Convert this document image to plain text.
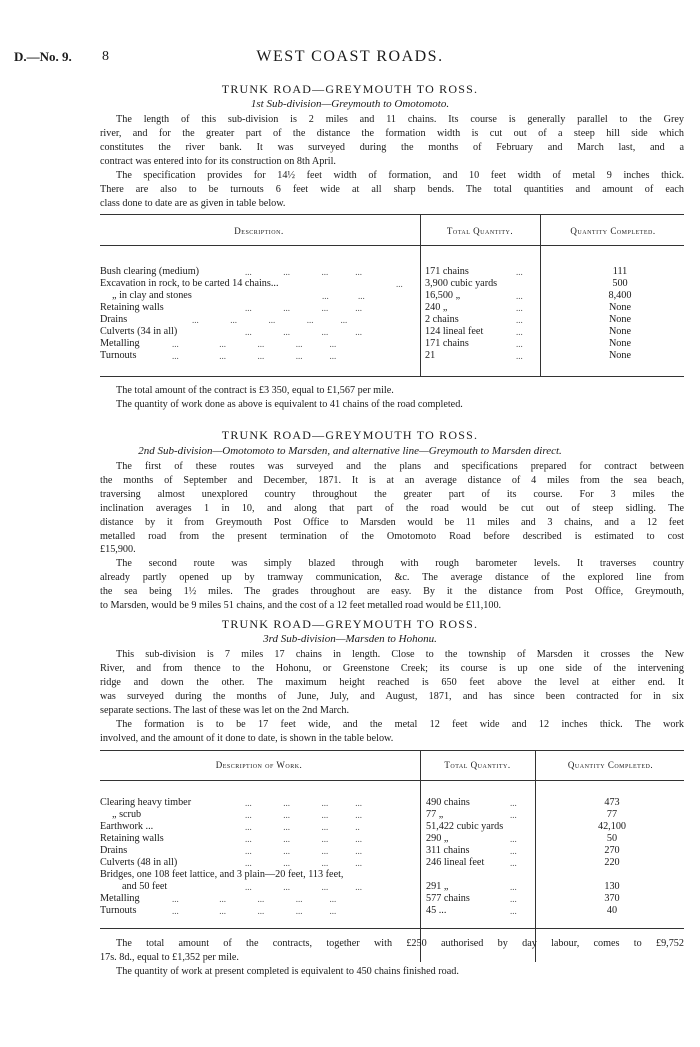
D.—No. 9. 8	WEST COAST ROADS.
TRUNK ROAD—GREYMOUTH TO ROSS.
1st Sub-division—Greymouth to Omotomoto.

The length of this sub-division is 2 miles and 11 chains. Its course is generally parallel to the Grey
river, and for the greater part of the distance the formation width is cut out of a steep hill side which
constitutes the river bank. It was surveyed during the months of February and March last, and a
contract was entered into for its construction on 8th April.

The specification provides for 14½ feet width of formation, and 10 feet width of metal 9 inches thick.
There are also to be turnouts 6 feet wide at all sharp bends. The total quantities and amount of each
class done to date are as given in table below.

Description.	Total Quantity.	Quantity Completed.
Bush clearing (medium)	...              ...              ...            ...	171 chains	...	111
Excavation in rock, to be carted 14 chains...	... 3,900 cubic yards	500
„ in clay and stones	...             ...	16,500 „	...	8,400
Retaining walls	...              ...              ...            ...	240 „	...	None
Drains	...              ...              ...              ...            ...	2 chains	...	None
Culverts (34 in all)	...              ...              ...            ...	124 lineal feet	...	None
Metalling	...                  ...              ...              ...            ...	171 chains	...	None
Turnouts	...                  ...              ...              ...            ...	21	...	None

The total amount of the contract is £3 350, equal to £1,567 per mile.
The quantity of work done as above is equivalent to 41 chains of the road completed.

TRUNK ROAD—GREYMOUTH TO ROSS.
2nd Sub-division—Omotomoto to Marsden, and alternative line—Greymouth to Marsden direct.

The first of these routes was surveyed and the plans and specifications prepared for contract between
the months of September and December, 1871. It is at an average distance of 4 miles from the sea beach,
traversing almost unexplored country throughout the greater part of its course. For 3 miles the
inclination averages 1 in 10, and along that part of the road would be cut out of steep sidling. The
distance by it from Greymouth Post Office to Marsden would be 11 miles and 3 chains, and a 12 feet
metalled road from the present termination of the Omotomoto Road before described is estimated to cost
£15,900.

The second route was simply blazed through with rough barometer levels. It traverses country
already partly opened up by tramway communication, &c. The average distance of the explored line from
the sea being 1½ miles. The grades throughout are easy. By it the distance from Post Office, Greymouth,
to Marsden, would be 9 miles 51 chains, and the cost of a 12 feet metalled road would be £11,100.

TRUNK ROAD—GREYMOUTH TO ROSS.
3rd Sub-division—Marsden to Hohonu.

This sub-division is 7 miles 17 chains in length. Close to the township of Marsden it crosses the New
River, and from thence to the Hohonu, or Greenstone Creek; its course is up one side of the intervening
ridge and down the other. The maximum height reached is 650 feet above the level at either end. It
was surveyed during the months of June, July, and August, 1871, and has since been contracted for in six
separate sections. The last of these was let on the 2nd March.

The formation is to be 17 feet wide, and the metal 12 feet wide and 12 inches thick. The work
involved, and the amount of it done to date, is shown in the table below.

Description of Work.	Total Quantity.	Quantity Completed.
Clearing heavy timber	...              ...              ...            ...	490 chains	...	473
„ scrub	...              ...              ...            ...	77 „	...	77
Earthwork ...	...              ...              ...            ..	51,422 cubic yards	42,100
Retaining walls	...              ...              ...            ...	290 „	...	50
Drains	...              ...              ...            ...	311 chains	...	270
Culverts (48 in all)	...              ...              ...            ...	246 lineal feet	...	220
Bridges, one 108 feet lattice, and 3 plain—20 feet, 113 feet,
and 50 feet	...              ...              ...            ...	291 „	...	130
Metalling	...                  ...              ...              ...            ...	577 chains	...	370
Turnouts	...                  ...              ...              ...            ...	45 ...	...	40

The total amount of the contracts, together with £250 authorised by day labour, comes to £9,752
17s. 8d., equal to £1,352 per mile.
The quantity of work at present completed is equivalent to 450 chains finished road.
